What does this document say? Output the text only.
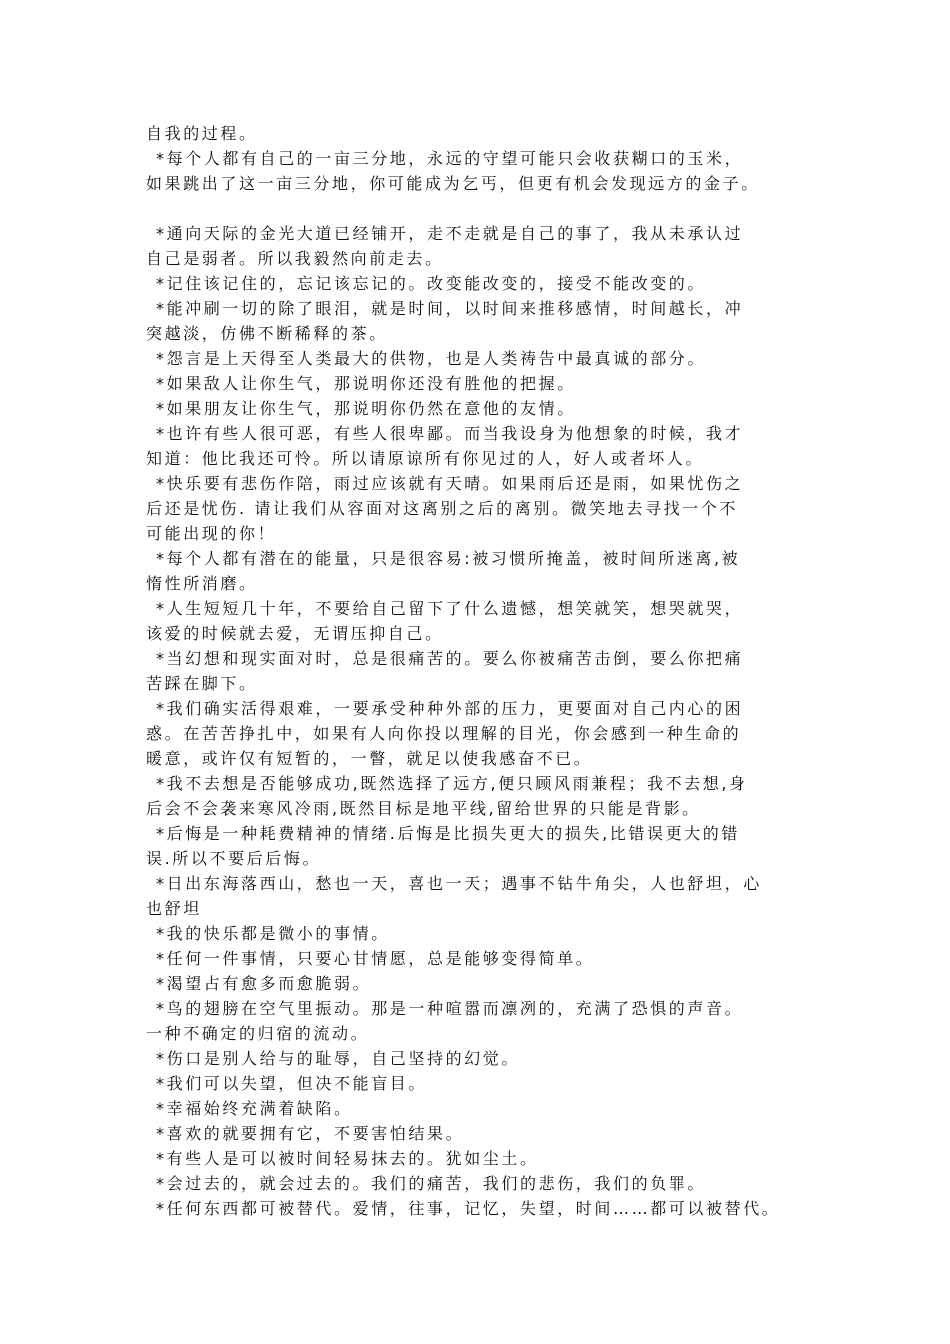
自我的过程。
*每个人都有自己的一亩三分地，永远的守望可能只会收获糊口的玉米，
如果跳出了这一亩三分地，你可能成为乞丐，但更有机会发现远方的金子。
*通向天际的金光大道已经铺开，走不走就是自己的事了，我从未承认过
自己是弱者。所以我毅然向前走去。
*记住该记住的，忘记该忘记的。改变能改变的，接受不能改变的。
*能冲刷一切的除了眼泪，就是时间，以时间来推移感情，时间越长，冲
突越淡，仿佛不断稀释的茶。
*怨言是上天得至人类最大的供物，也是人类祷告中最真诚的部分。
*如果敌人让你生气，那说明你还没有胜他的把握。
*如果朋友让你生气，那说明你仍然在意他的友情。
*也许有些人很可恶，有些人很卑鄙。而当我设身为他想象的时候，我才
知道：他比我还可怜。所以请原谅所有你见过的人，好人或者坏人。
*快乐要有悲伤作陪，雨过应该就有天晴。如果雨后还是雨，如果忧伤之
后还是忧伤. 请让我们从容面对这离别之后的离别。微笑地去寻找一个不
可能出现的你！
*每个人都有潜在的能量，只是很容易:被习惯所掩盖，被时间所迷离,被
惰性所消磨。
*人生短短几十年，不要给自己留下了什么遗憾，想笑就笑，想哭就哭，
该爱的时候就去爱，无谓压抑自己。
*当幻想和现实面对时，总是很痛苦的。要么你被痛苦击倒，要么你把痛
苦踩在脚下。
*我们确实活得艰难，一要承受种种外部的压力，更要面对自己内心的困
惑。在苦苦挣扎中，如果有人向你投以理解的目光，你会感到一种生命的
暖意，或许仅有短暂的，一瞥，就足以使我感奋不已。
*我不去想是否能够成功,既然选择了远方,便只顾风雨兼程；我不去想,身
后会不会袭来寒风冷雨,既然目标是地平线,留给世界的只能是背影。
*后悔是一种耗费精神的情绪.后悔是比损失更大的损失,比错误更大的错
误.所以不要后后悔。
*日出东海落西山，愁也一天，喜也一天；遇事不钻牛角尖，人也舒坦，心
也舒坦
*我的快乐都是微小的事情。
*任何一件事情，只要心甘情愿，总是能够变得简单。
*渴望占有愈多而愈脆弱。
*鸟的翅膀在空气里振动。那是一种喧嚣而凛冽的，充满了恐惧的声音。
一种不确定的归宿的流动。
*伤口是别人给与的耻辱，自己坚持的幻觉。
*我们可以失望，但决不能盲目。
*幸福始终充满着缺陷。
*喜欢的就要拥有它，不要害怕结果。
*有些人是可以被时间轻易抹去的。犹如尘土。
*会过去的，就会过去的。我们的痛苦，我们的悲伤，我们的负罪。
*任何东西都可被替代。爱情，往事，记忆，失望，时间……都可以被替代。
